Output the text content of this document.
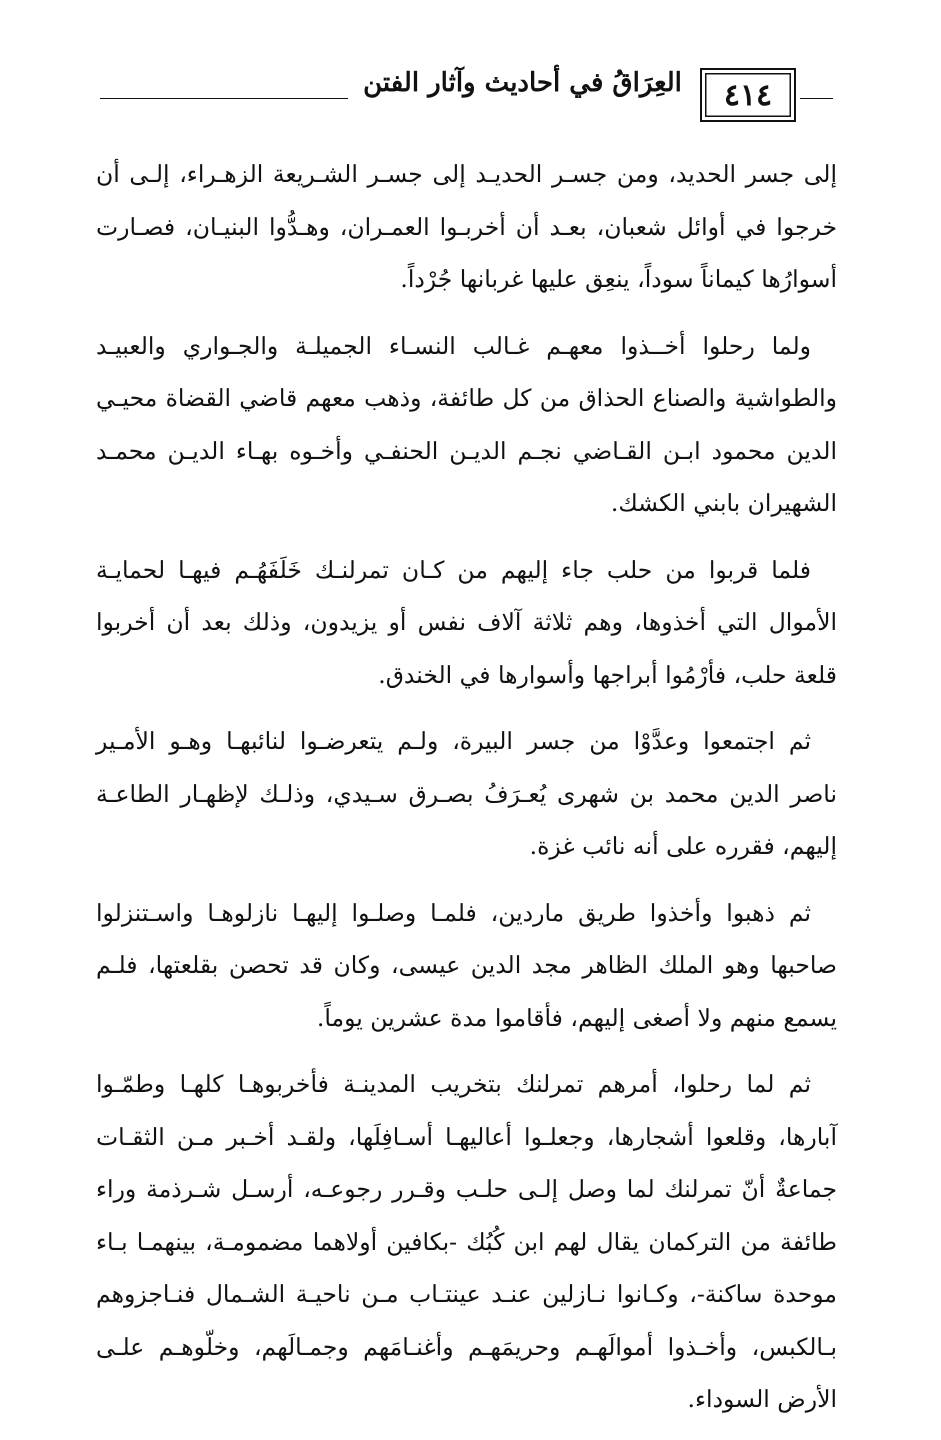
العِرَاقُ في أحاديث وآثار الفتن	٤١٤

إلى جسر الحديد، ومن جسـر الحديـد إلى جسـر الشـريعة الزهـراء، إلـى أن
خرجوا في أوائل شعبان، بعـد أن أخربـوا العمـران، وهـدُّوا البنيـان، فصـارت
أسوارُها كيماناً سوداً، ينعِق عليها غربانها جُرْداً.

ولما رحلوا أخــذوا معهـم غـالب النسـاء الجميلـة والجـواري والعبيـد
والطواشية والصناع الحذاق من كل طائفة، وذهب معهم قاضي القضاة محيـي
الدين محمود ابـن القـاضي نجـم الديـن الحنفـي وأخـوه بهـاء الديـن محمـد
الشهيران بابني الكشك.

فلما قربوا من حلب جاء إليهم من كـان تمرلنـك خَلَفَهُـم فيهـا لحمايـة
الأموال التي أخذوها، وهم ثلاثة آلاف نفس أو يزيدون، وذلك بعد أن أخربوا
قلعة حلب، فأرْمُوا أبراجها وأسوارها في الخندق.

ثم اجتمعوا وعدَّوْا من جسر البيرة، ولـم يتعرضـوا لنائبهـا وهـو الأمـير
ناصر الدين محمد بن شهرى يُعـرَفُ بصـرق سـيدي، وذلـك لإظهـار الطاعـة
إليهم، فقرره على أنه نائب غزة.

ثم ذهبوا وأخذوا طريق ماردين، فلمـا وصلـوا إليهـا نازلوهـا واسـتنزلوا
صاحبها وهو الملك الظاهر مجد الدين عيسى، وكان قد تحصن بقلعتها، فلـم
يسمع منهم ولا أصغى إليهم، فأقاموا مدة عشرين يوماً.

ثم لما رحلوا، أمرهم تمرلنك بتخريب المدينـة فأخربوهـا كلهـا وطمّـوا
آبارها، وقلعوا أشجارها، وجعلـوا أعاليهـا أسـافِلَها، ولقـد أخـبر مـن الثقـات
جماعةٌ أنّ تمرلنك لما وصل إلـى حلـب وقـرر رجوعـه، أرسـل شـرذمة وراء
طائفة من التركمان يقال لهم ابن كُبُك -بكافين أولاهما مضمومـة، بينهمـا بـاء
موحدة ساكنة-، وكـانوا نـازلين عنـد عينتـاب مـن ناحيـة الشـمال فنـاجزوهم
بـالكبس، وأخـذوا أموالَهـم وحريمَهـم وأغنـامَهم وجمـالَهم، وخلّوهـم علـى
الأرض السوداء.
